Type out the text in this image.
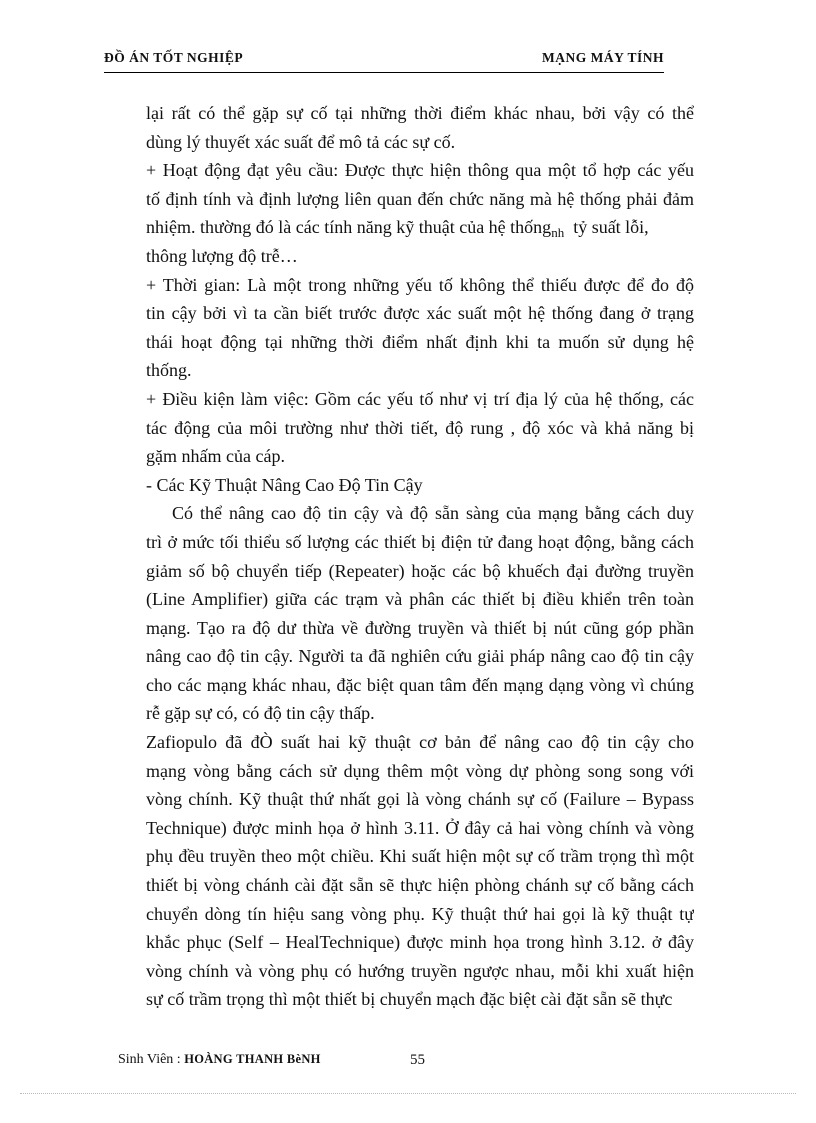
ĐỒ ÁN TỐT NGHIỆP	MẠNG MÁY TÍNH
lại rất có thể gặp sự cố tại những thời điểm khác nhau, bởi vậy có thể
dùng lý thuyết xác suất để mô tả các sự cố.
+ Hoạt động đạt yêu cầu: Được thực hiện thông qua một tổ hợp các yếu
tố định tính và định lượng liên quan đến chức năng mà hệ thống phải đảm
nhiệm. thường đó là các tính năng kỹ thuật của hệ thống$_{nh}$  tỷ suất lỗi,
thông lượng độ trễ…
+ Thời gian: Là một trong những yếu tố không thể thiếu được để đo độ
tin cậy bởi vì ta cần biết trước được xác suất một hệ thống đang ở trạng
thái hoạt động tại những thời điểm nhất định khi ta muốn sử dụng hệ
thống.
+ Điều kiện làm việc: Gồm các yếu tố như vị trí địa lý của hệ thống, các
tác động của môi trường như thời tiết, độ rung , độ xóc và khả năng bị
gặm nhấm của cáp.
- Các Kỹ Thuật Nâng Cao Độ Tin Cậy
Có thể nâng cao độ tin cậy và độ sẵn sàng của mạng bằng cách duy
trì ở mức tối thiểu số lượng các thiết bị điện tử đang hoạt động, bằng cách
giảm số bộ chuyển tiếp (Repeater) hoặc các bộ khuếch đại đường truyền
(Line Amplifier) giữa các trạm và phân các thiết bị điều khiển trên toàn
mạng. Tạo ra độ dư thừa về đường truyền và thiết bị nút cũng góp phần
nâng cao độ tin cậy. Người ta đã nghiên cứu giải pháp nâng cao độ tin cậy
cho các mạng khác nhau, đặc biệt quan tâm đến mạng dạng vòng vì chúng
rễ gặp sự có, có độ tin cậy thấp.
Zafiopulo đã đÒ suất hai kỹ thuật cơ bản để nâng cao độ tin cậy cho
mạng vòng bằng cách sử dụng thêm một vòng dự phòng song song với
vòng chính. Kỹ thuật thứ nhất gọi là vòng chánh sự cố (Failure – Bypass
Technique) được minh họa ở hình 3.11. Ở đây cả hai vòng chính và vòng
phụ đều truyền theo một chiều. Khi suất hiện một sự cố trầm trọng thì một
thiết bị vòng chánh cài đặt sẵn sẽ thực hiện phòng chánh sự cố bằng cách
chuyển dòng tín hiệu sang vòng phụ. Kỹ thuật thứ hai gọi là kỹ thuật tự
khắc phục (Self – HealTechnique) được minh họa trong hình 3.12. ở đây
vòng chính và vòng phụ có hướng truyền ngược nhau, mỗi khi xuất hiện
sự cố trầm trọng thì một thiết bị chuyển mạch đặc biệt cài đặt sẵn sẽ thực
Sinh Viên : HOÀNG THANH BèNH	55
